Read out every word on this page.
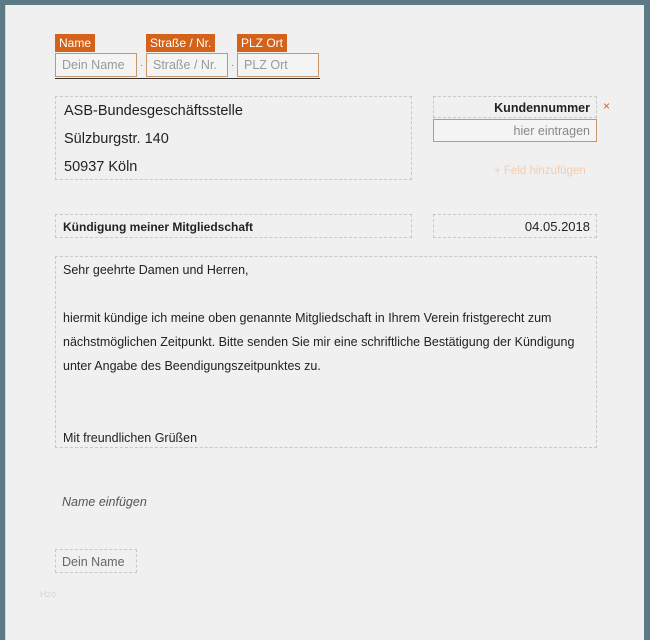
Name
Dein Name	·
Straße / Nr.
Straße / Nr.	·
PLZ Ort
PLZ Ort
ASB-Bundesgeschäftsstelle
Sülzburgstr. 140
50937 Köln
Kundennummer ×
hier eintragen
+ Feld hinzufügen
Kündigung meiner Mitgliedschaft	04.05.2018
Sehr geehrte Damen und Herren,
hiermit kündige ich meine oben genannte Mitgliedschaft in Ihrem Verein fristgerecht zum
nächstmöglichen Zeitpunkt. Bitte senden Sie mir eine schriftliche Bestätigung der Kündigung
unter Angabe des Beendigungszeitpunktes zu.
Mit freundlichen Grüßen
Name einfügen
Dein Name
Hzo
